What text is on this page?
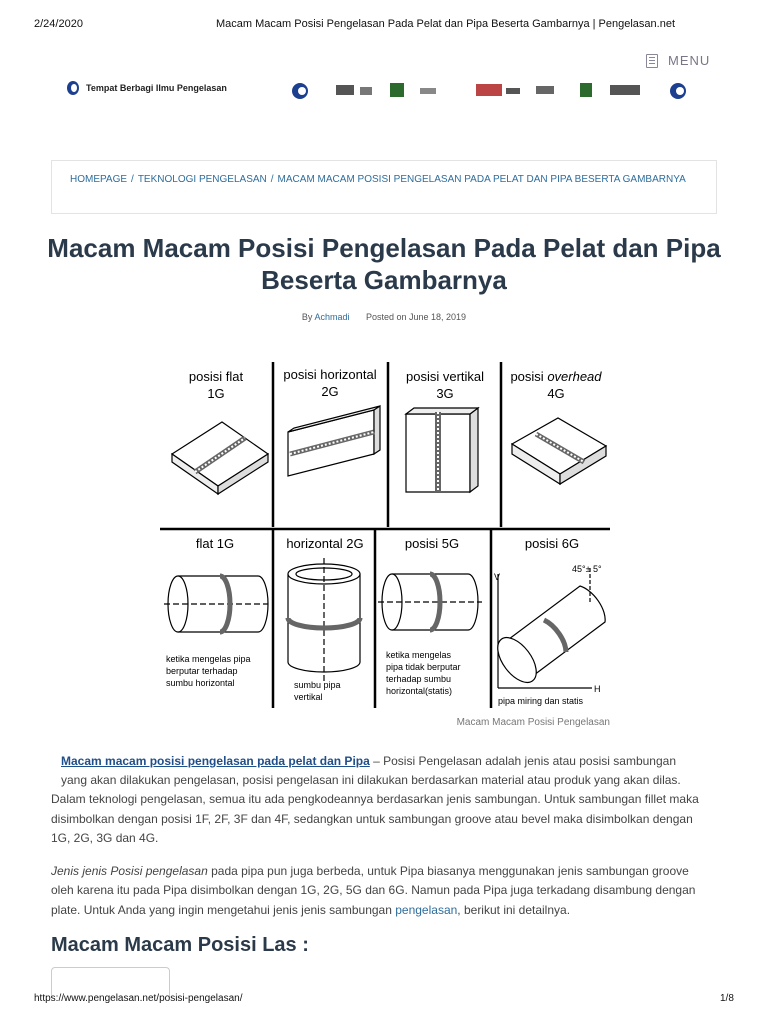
2/24/2020	Macam Macam Posisi Pengelasan Pada Pelat dan Pipa Beserta Gambarnya | Pengelasan.net
MENU
Tempat Berbagi Ilmu Pengelasan
HOMEPAGE / TEKNOLOGI PENGELASAN / MACAM MACAM POSISI PENGELASAN PADA PELAT DAN PIPA BESERTA GAMBARNYA
Macam Macam Posisi Pengelasan Pada Pelat dan Pipa Beserta Gambarnya
By Achmadi Posted on June 18, 2019
posisi flat
1G
posisi horizontal
2G
posisi vertikal
3G
posisi overhead
4G
flat 1G	horizontal 2G	posisi 5G	posisi 6G
ketika mengelas pipa
berputar terhadap
sumbu horizontal	sumbu pipa
vertikal
ketika mengelas
pipa tidak berputar
terhadap sumbu
horizontal(statis)
45°± 5°
V
H
pipa miring dan statis
Macam Macam Posisi Pengelasan
Macam macam posisi pengelasan pada pelat dan Pipa – Posisi Pengelasan adalah jenis atau posisi sambungan
yang akan dilakukan pengelasan, posisi pengelasan ini dilakukan berdasarkan material atau produk yang akan dilas.
Dalam teknologi pengelasan, semua itu ada pengkodeannya berdasarkan jenis sambungan. Untuk sambungan fillet maka
disimbolkan dengan posisi 1F, 2F, 3F dan 4F, sedangkan untuk sambungan groove atau bevel maka disimbolkan dengan
1G, 2G, 3G dan 4G.
Jenis jenis Posisi pengelasan pada pipa pun juga berbeda, untuk Pipa biasanya menggunakan jenis sambungan groove
oleh karena itu pada Pipa disimbolkan dengan 1G, 2G, 5G dan 6G. Namun pada Pipa juga terkadang disambung dengan
plate. Untuk Anda yang ingin mengetahui jenis jenis sambungan pengelasan, berikut ini detailnya.
Macam Macam Posisi Las :
https://www.pengelasan.net/posisi-pengelasan/	1/8
